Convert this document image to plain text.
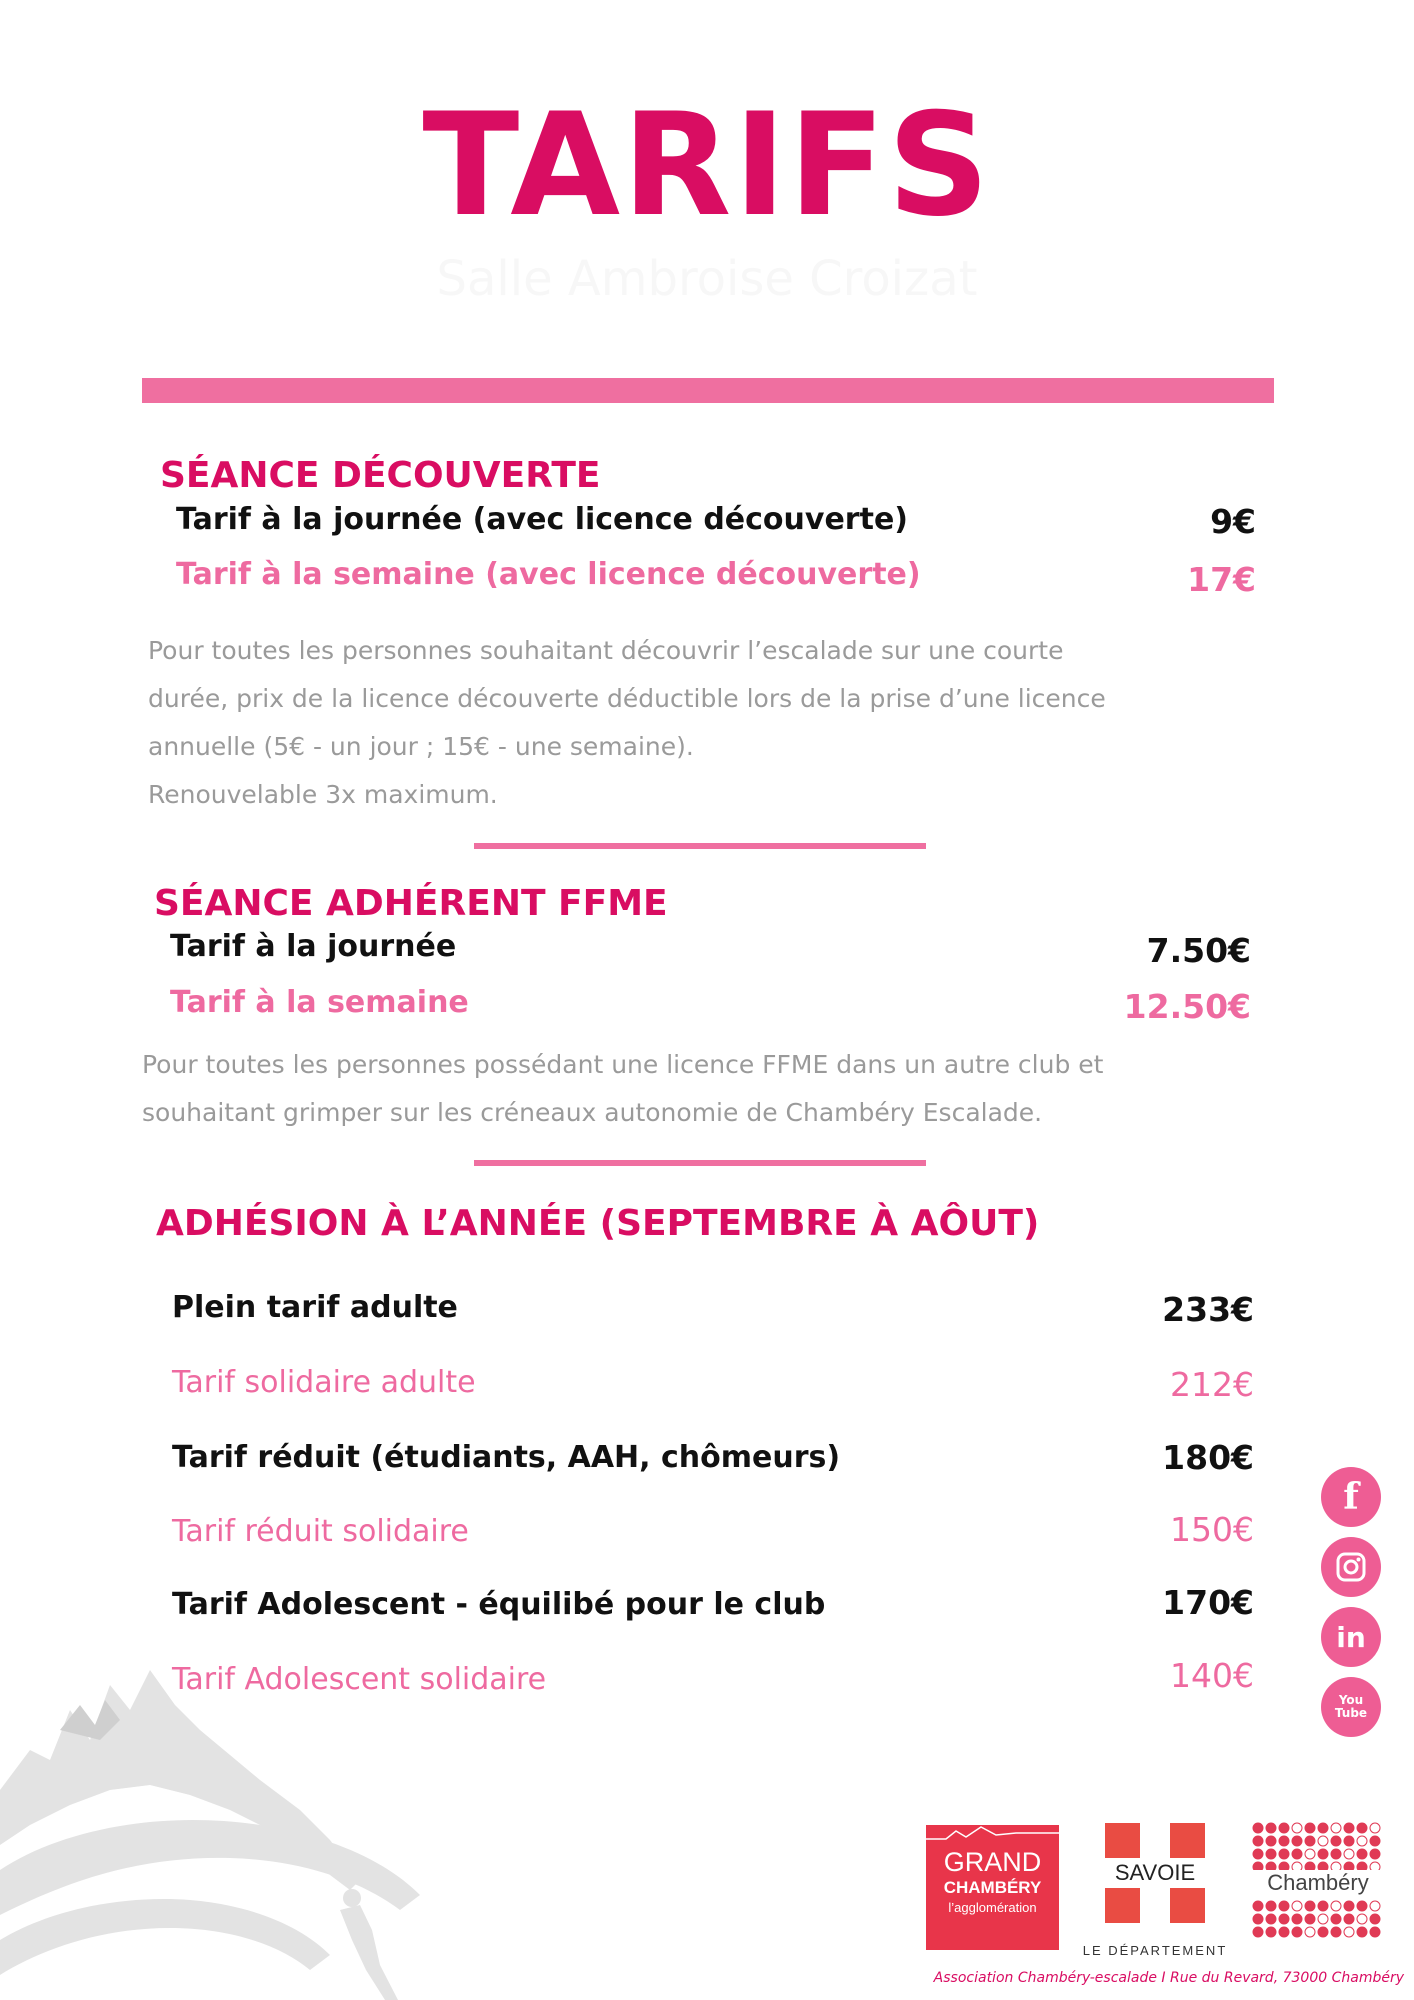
TARIFS
Salle Ambroise Croizat
SÉANCE DÉCOUVERTE
Tarif à la journée (avec licence découverte)	9€
Tarif à la semaine (avec licence découverte)	17€
Pour toutes les personnes souhaitant découvrir l’escalade sur une courte
durée, prix de la licence découverte déductible lors de la prise d’une licence
annuelle (5€ - un jour ; 15€ - une semaine).
Renouvelable 3x maximum.
SÉANCE ADHÉRENT FFME
Tarif à la journée	7.50€
Tarif à la semaine	12.50€
Pour toutes les personnes possédant une licence FFME dans un autre club et
souhaitant grimper sur les créneaux autonomie de Chambéry Escalade.
ADHÉSION À L’ANNÉE (SEPTEMBRE À AÔUT)
Plein tarif adulte	233€
Tarif solidaire adulte	212€
Tarif réduit (étudiants, AAH, chômeurs)	180€
Tarif réduit solidaire	150€
Tarif Adolescent - équilibé pour le club	170€
Tarif Adolescent solidaire	140€
f
in
You
Tube
GRAND
CHAMBÉRY
l’agglomération
SAVOIE
LE DÉPARTEMENT
Chambéry
Association Chambéry-escalade I Rue du Revard, 73000 Chambéry
